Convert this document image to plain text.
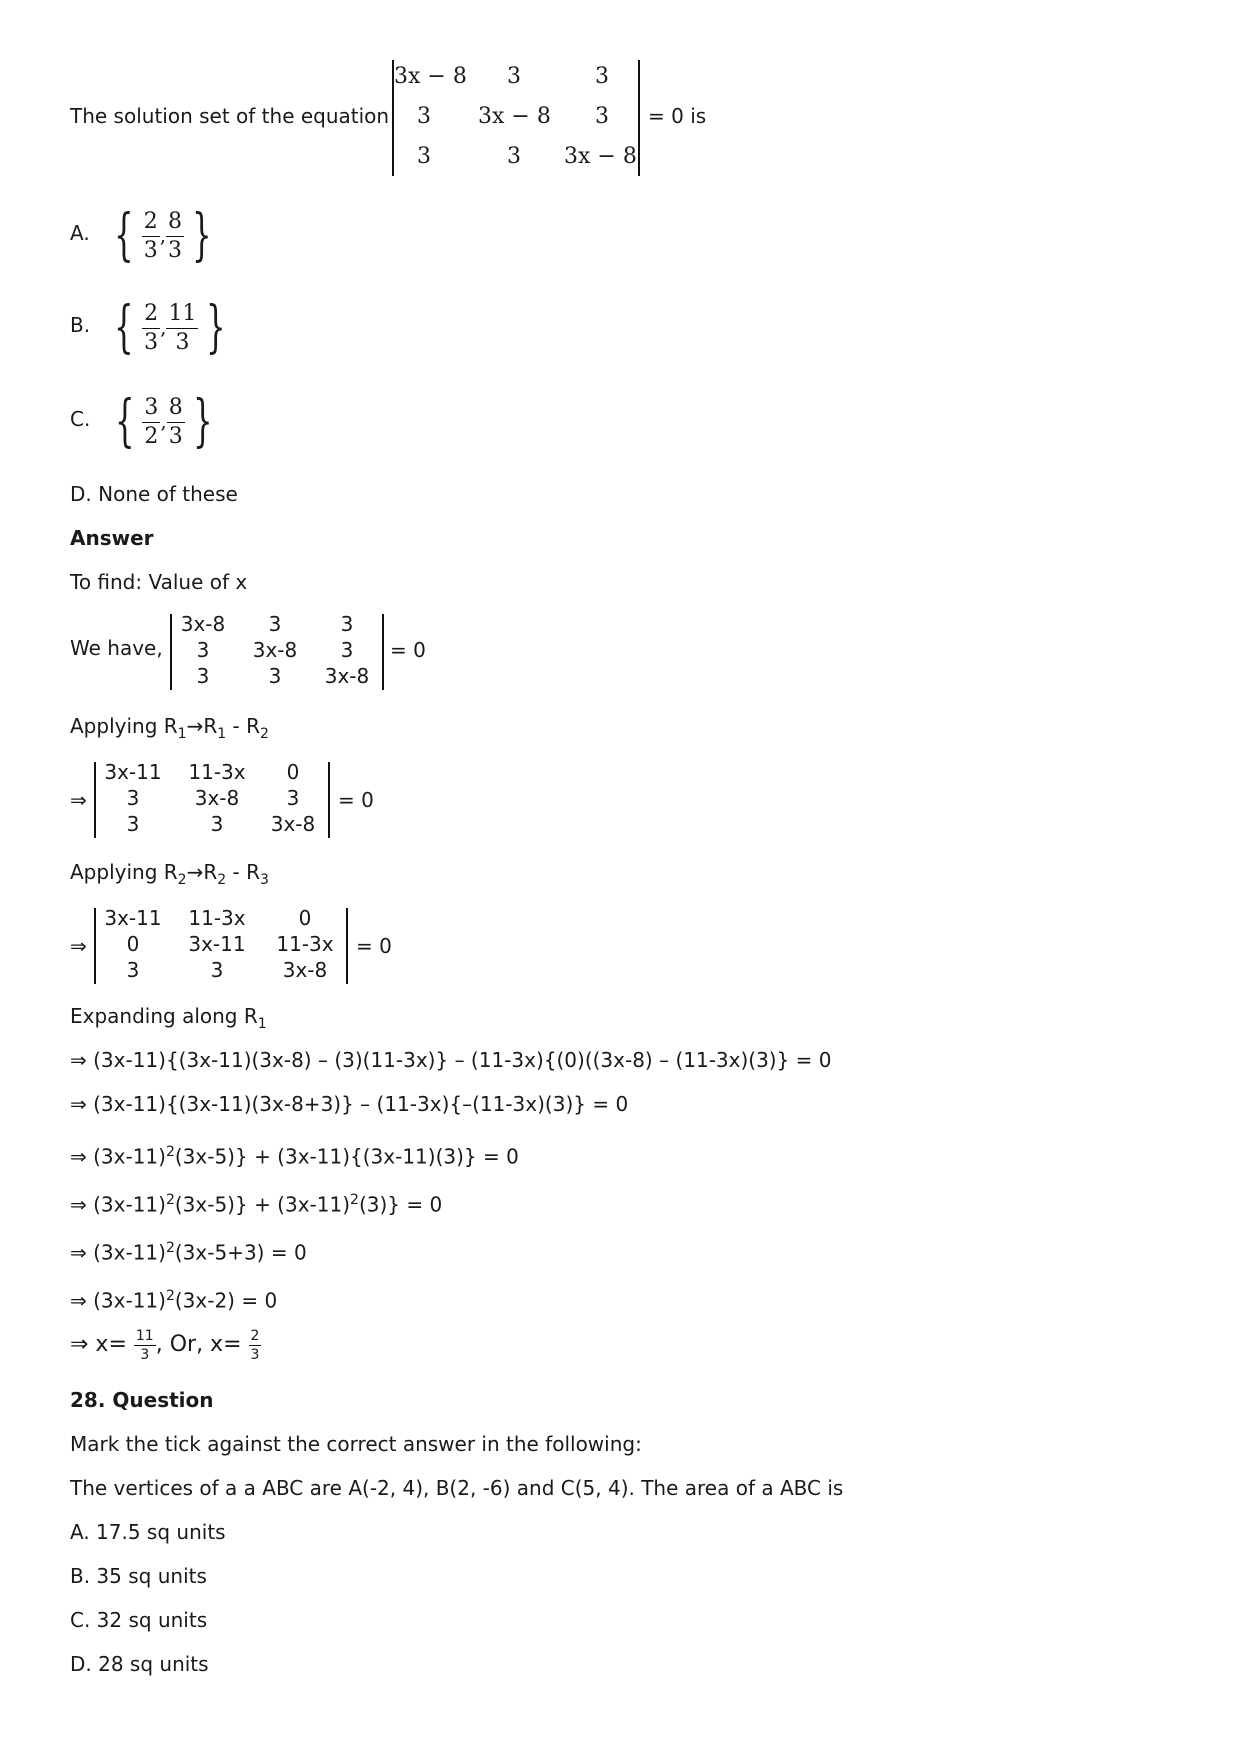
The solution set of the equation
3x − 8	3	3
3	3x − 8	3
3	3	3x − 8
= 0 is
A. { $\frac{2}{3}$ , $\frac{8}{3}$ }
B. { $\frac{2}{3}$ , $\frac{11}{3}$ }
C. { $\frac{3}{2}$ , $\frac{8}{3}$ }
D. None of these
Answer
To find: Value of x
We have,
3x-8	3	3
3	3x-8	3
3	3	3x-8
= 0
Applying $R_1\to R_1 - R_2$
⇒
3x-11	11-3x	0
3	3x-8	3
3	3	3x-8
= 0
Applying $R_2\to R_2 - R_3$
⇒
3x-11	11-3x	0
0	3x-11	11-3x
3	3	3x-8
= 0
Expanding along $R_1$
⇒ (3x-11){(3x-11)(3x-8) – (3)(11-3x)} – (11-3x){(0)((3x-8) – (11-3x)(3)} = 0
⇒ (3x-11){(3x-11)(3x-8+3)} – (11-3x){–(11-3x)(3)} = 0
⇒ $(3x-11)^2(3x-5)\} + (3x-11)\{(3x-11)(3)\} = 0$
⇒ $(3x-11)^2(3x-5)\} + (3x-11)^2(3)\} = 0$
⇒ $(3x-11)^2(3x-5+3) = 0$
⇒ $(3x-11)^2(3x-2) = 0$
⇒ $x= \frac{11}{3}$ , Or, $x= \frac{2}{3}$
28. Question
Mark the tick against the correct answer in the following:
The vertices of a a ABC are A(-2, 4), B(2, -6) and C(5, 4). The area of a ABC is
A. 17.5 sq units
B. 35 sq units
C. 32 sq units
D. 28 sq units
